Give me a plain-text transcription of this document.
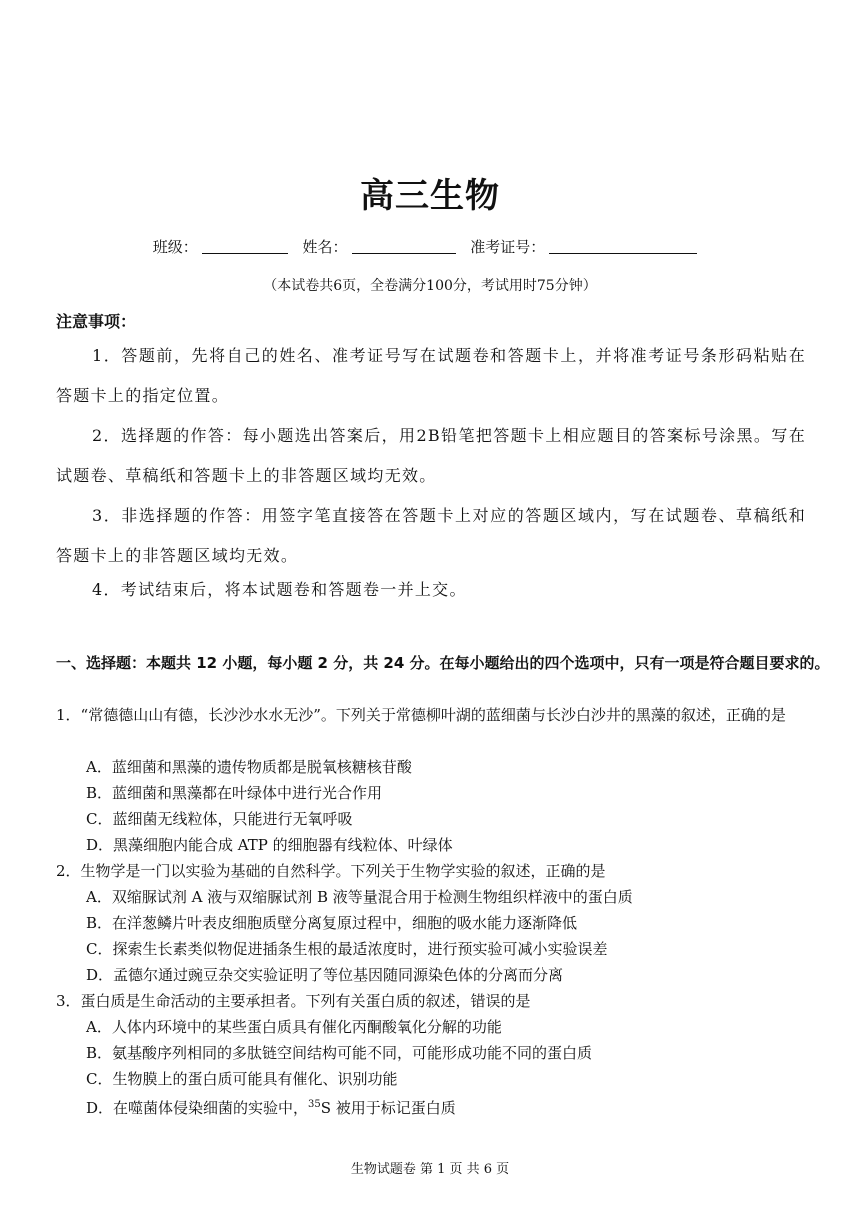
高三生物
班级：	姓名：	准考证号：
（本试卷共6页，全卷满分100分，考试用时75分钟）
注意事项：
1．答题前，先将自己的姓名、准考证号写在试题卷和答题卡上，并将准考证号条形码粘贴在答题卡上的指定位置。
2．选择题的作答：每小题选出答案后，用2B铅笔把答题卡上相应题目的答案标号涂黑。写在试题卷、草稿纸和答题卡上的非答题区域均无效。
3．非选择题的作答：用签字笔直接答在答题卡上对应的答题区域内，写在试题卷、草稿纸和答题卡上的非答题区域均无效。
4．考试结束后，将本试题卷和答题卷一并上交。
一、选择题：本题共 12 小题，每小题 2 分，共 24 分。在每小题给出的四个选项中，只有一项是符合题目要求的。
1．“常德德山山有德，长沙沙水水无沙”。下列关于常德柳叶湖的蓝细菌与长沙白沙井的黑藻的叙述，正确的是
A．蓝细菌和黑藻的遗传物质都是脱氧核糖核苷酸
B．蓝细菌和黑藻都在叶绿体中进行光合作用
C．蓝细菌无线粒体，只能进行无氧呼吸
D．黑藻细胞内能合成 ATP 的细胞器有线粒体、叶绿体
2．生物学是一门以实验为基础的自然科学。下列关于生物学实验的叙述，正确的是
A．双缩脲试剂 A 液与双缩脲试剂 B 液等量混合用于检测生物组织样液中的蛋白质
B．在洋葱鳞片叶表皮细胞质壁分离复原过程中，细胞的吸水能力逐渐降低
C．探索生长素类似物促进插条生根的最适浓度时，进行预实验可减小实验误差
D．孟德尔通过豌豆杂交实验证明了等位基因随同源染色体的分离而分离
3．蛋白质是生命活动的主要承担者。下列有关蛋白质的叙述，错误的是
A．人体内环境中的某些蛋白质具有催化丙酮酸氧化分解的功能
B．氨基酸序列相同的多肽链空间结构可能不同，可能形成功能不同的蛋白质
C．生物膜上的蛋白质可能具有催化、识别功能
D．在噬菌体侵染细菌的实验中，$^{35}$S 被用于标记蛋白质
生物试题卷 第 1 页 共 6 页
